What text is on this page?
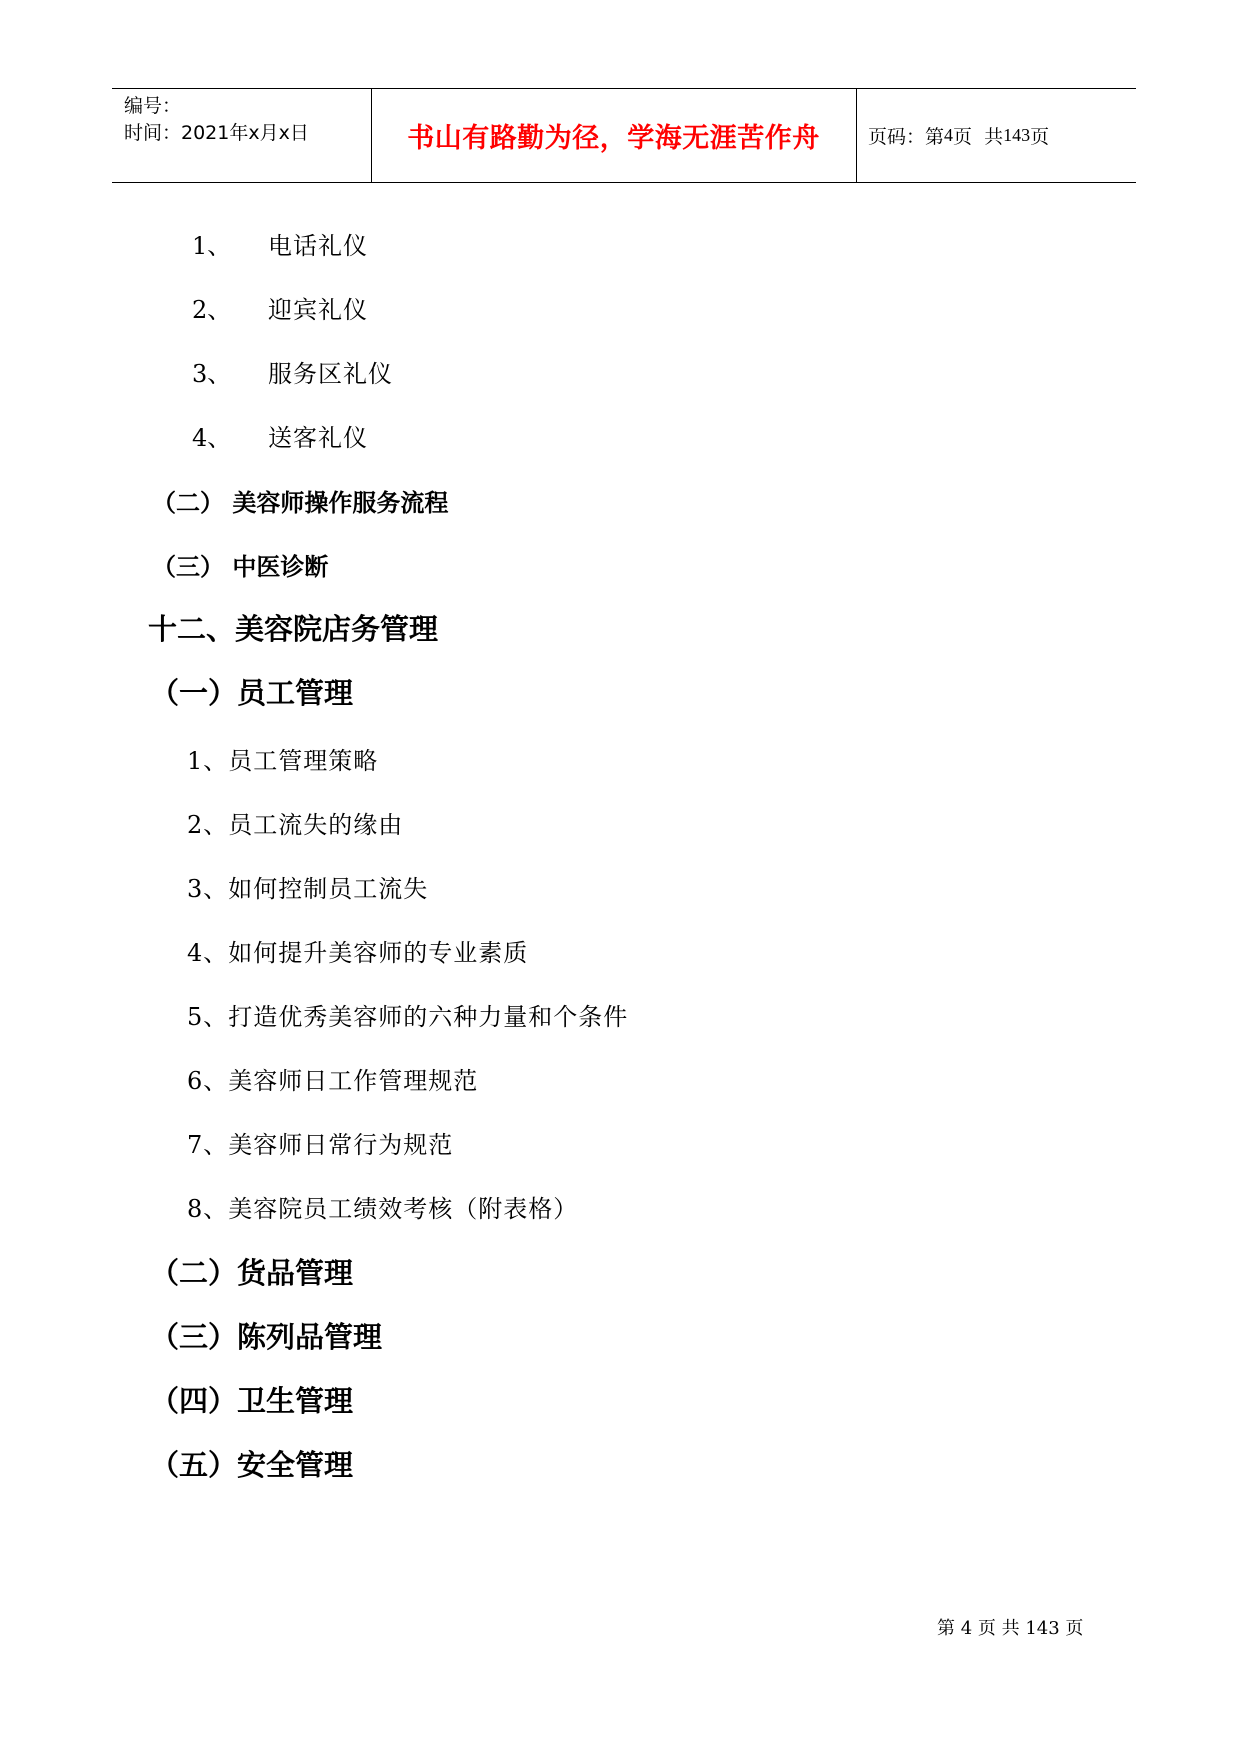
编号：
时间：2021年x月x日	书山有路勤为径，学海无涯苦作舟	页码：第 4 页  共 143 页
1、 电话礼仪
2、 迎宾礼仪
3、 服务区礼仪
4、 送客礼仪
（二） 美容师操作服务流程
（三） 中医诊断
十二、美容院店务管理
（一）员工管理
1、员工管理策略
2、员工流失的缘由
3、如何控制员工流失
4、如何提升美容师的专业素质
5、打造优秀美容师的六种力量和个条件
6、美容师日工作管理规范
7、美容师日常行为规范
8、美容院员工绩效考核（附表格）
（二）货品管理
（三）陈列品管理
（四）卫生管理
（五）安全管理
第 4 页 共 143 页
